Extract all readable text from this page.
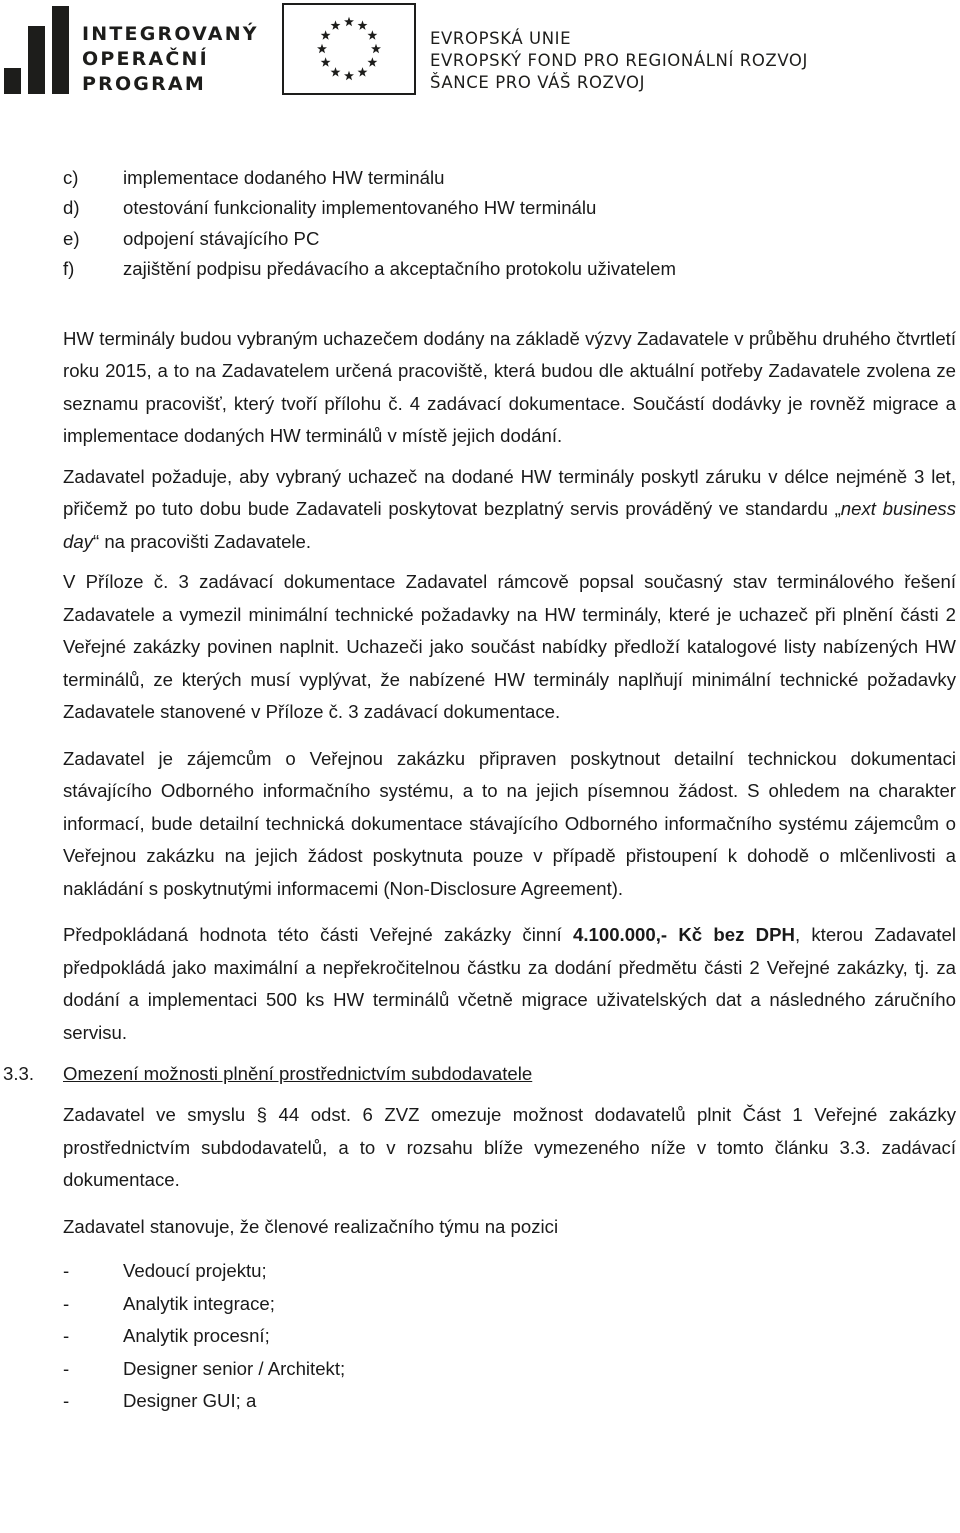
INTEGROVANÝ
OPERAČNÍ
PROGRAM
EVROPSKÁ UNIE
EVROPSKÝ FOND PRO REGIONÁLNÍ ROZVOJ
ŠANCE PRO VÁŠ ROZVOJ
c) implementace dodaného HW terminálu
d) otestování funkcionality implementovaného HW terminálu
e) odpojení stávajícího PC
f)	zajištění podpisu předávacího a akceptačního protokolu uživatelem

HW terminály budou vybraným uchazečem dodány na základě výzvy Zadavatele v průběhu druhého čtvrtletí roku 2015, a to na Zadavatelem určená pracoviště, která budou dle aktuální potřeby Zadavatele zvolena ze seznamu pracovišť, který tvoří přílohu č. 4 zadávací dokumentace. Součástí dodávky je rovněž migrace a implementace dodaných HW terminálů v místě jejich dodání.

Zadavatel požaduje, aby vybraný uchazeč na dodané HW terminály poskytl záruku v délce nejméně 3 let, přičemž po tuto dobu bude Zadavateli poskytovat bezplatný servis prováděný ve standardu „next business day“ na pracovišti Zadavatele.

V Příloze č. 3 zadávací dokumentace Zadavatel rámcově popsal současný stav terminálového řešení Zadavatele a vymezil minimální technické požadavky na HW terminály, které je uchazeč při plnění části 2 Veřejné zakázky povinen naplnit. Uchazeči jako součást nabídky předloží katalogové listy nabízených HW terminálů, ze kterých musí vyplývat, že nabízené HW terminály naplňují minimální technické požadavky Zadavatele stanovené v Příloze č. 3 zadávací dokumentace.

Zadavatel je zájemcům o Veřejnou zakázku připraven poskytnout detailní technickou dokumentaci stávajícího Odborného informačního systému, a to na jejich písemnou žádost. S ohledem na charakter informací, bude detailní technická dokumentace stávajícího Odborného informačního systému zájemcům o Veřejnou zakázku na jejich žádost poskytnuta pouze v případě přistoupení k dohodě o mlčenlivosti a nakládání s poskytnutými informacemi (Non-Disclosure Agreement).

Předpokládaná hodnota této části Veřejné zakázky činní 4.100.000,- Kč bez DPH, kterou Zadavatel předpokládá jako maximální a nepřekročitelnou částku za dodání předmětu části 2 Veřejné zakázky, tj. za dodání a implementaci 500 ks HW terminálů včetně migrace uživatelských dat a následného záručního servisu.

3.3. Omezení možnosti plnění prostřednictvím subdodavatele

Zadavatel ve smyslu § 44 odst. 6 ZVZ omezuje možnost dodavatelů plnit Část 1 Veřejné zakázky prostřednictvím subdodavatelů, a to v rozsahu blíže vymezeného níže v tomto článku 3.3. zadávací dokumentace.

Zadavatel stanovuje, že členové realizačního týmu na pozici

-	Vedoucí projektu;
-	Analytik integrace;
-	Analytik procesní;
-	Designer senior / Architekt;
-	Designer GUI; a
